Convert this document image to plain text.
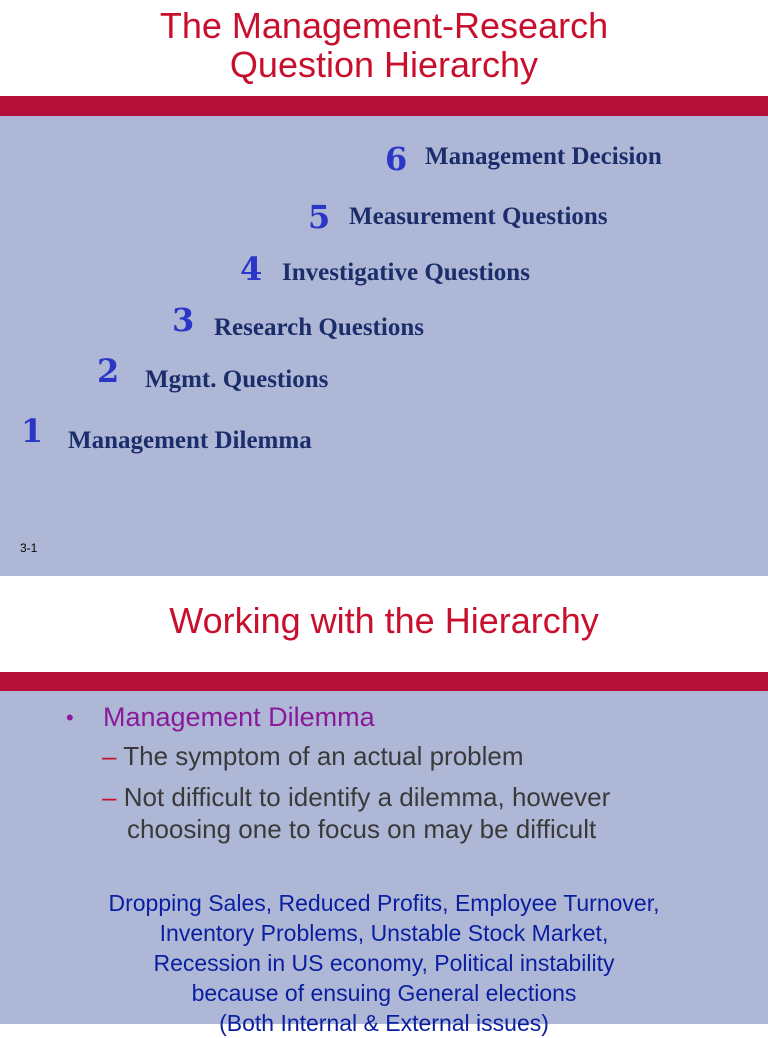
The Management-Research
Question Hierarchy
6 Management Decision
5 Measurement Questions
4 Investigative Questions
3 Research Questions
2 Mgmt. Questions
1 Management Dilemma
3-1
Working with the Hierarchy
• Management Dilemma
– The symptom of an actual problem
– Not difficult to identify a dilemma, however
choosing one to focus on may be difficult
Dropping Sales, Reduced Profits, Employee Turnover,
Inventory Problems, Unstable Stock Market,
Recession in US economy, Political instability
because of ensuing General elections
(Both Internal & External issues)
